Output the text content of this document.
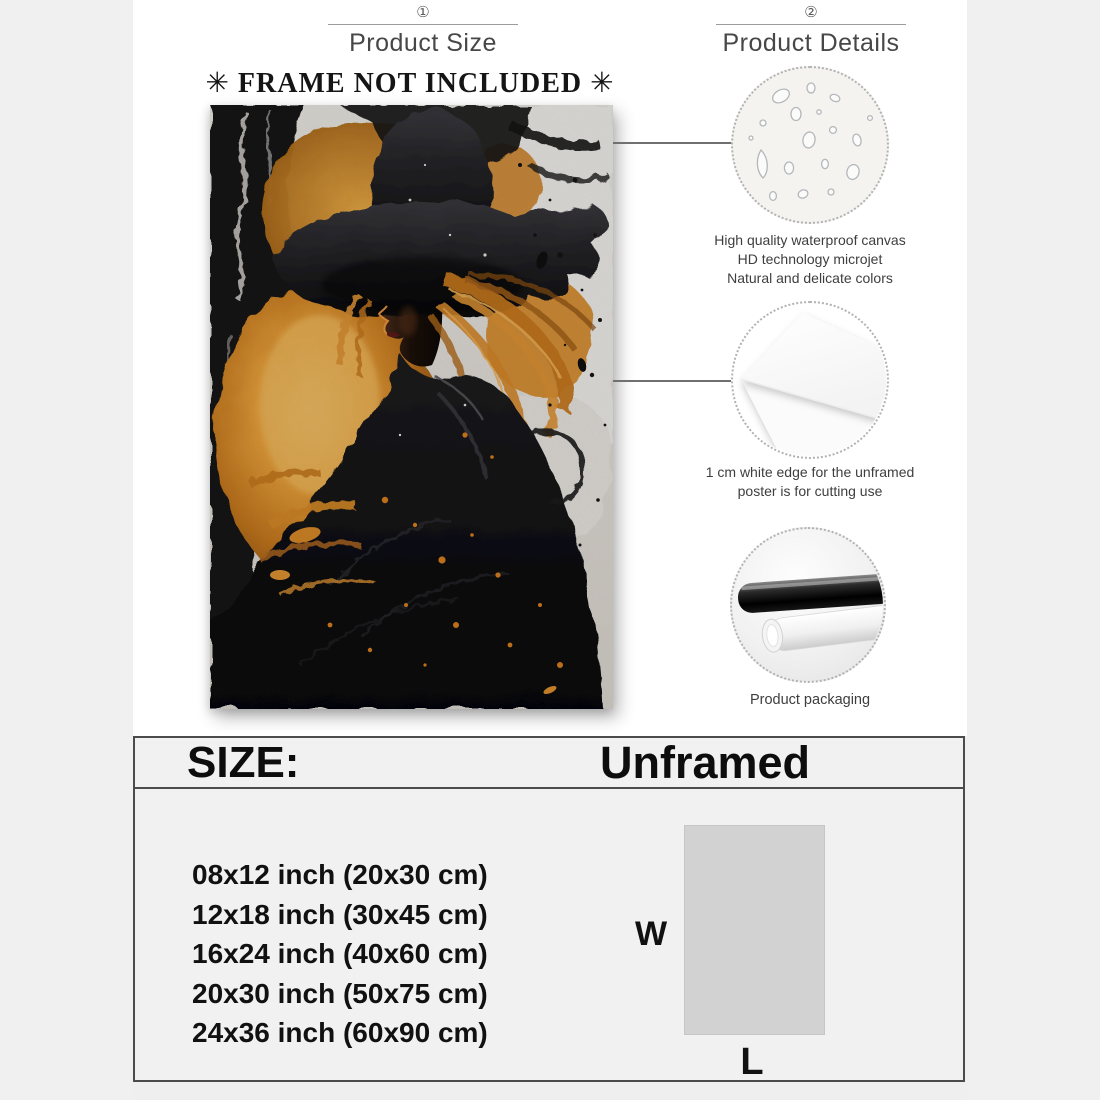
①
Product Size
②
Product Details
✳ FRAME NOT INCLUDED ✳
High quality waterproof canvas
HD technology microjet
Natural and delicate colors
1 cm white edge for the unframed
poster is for cutting use
Product packaging
SIZE:	Unframed
08x12 inch (20x30 cm)
12x18 inch (30x45 cm)
16x24 inch (40x60 cm)
20x30 inch (50x75 cm)
24x36 inch (60x90 cm)
W
L
